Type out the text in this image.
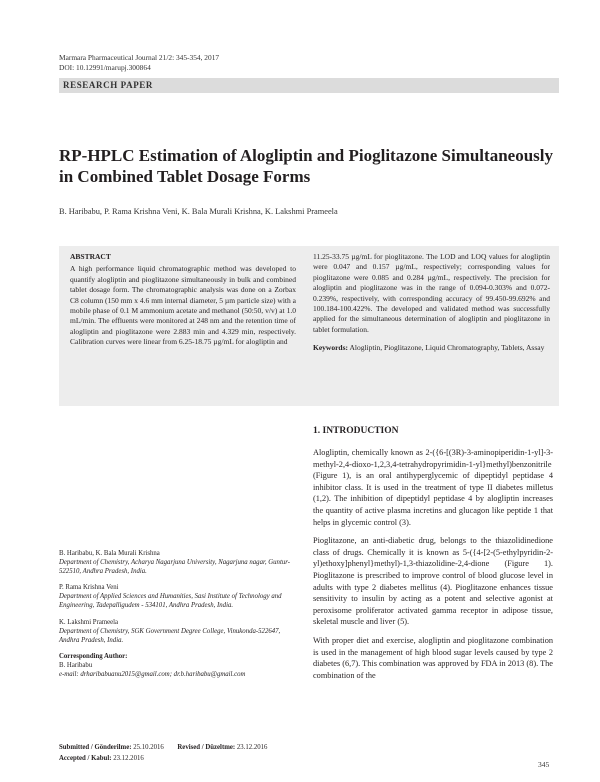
Marmara Pharmaceutical Journal 21/2: 345-354, 2017
DOI: 10.12991/marupj.300864
RESEARCH PAPER
RP-HPLC Estimation of Alogliptin and Pioglitazone Simultaneously in Combined Tablet Dosage Forms
B. Haribabu, P. Rama Krishna Veni, K. Bala Murali Krishna, K. Lakshmi Prameela
ABSTRACT
A high performance liquid chromatographic method was developed to quantify alogliptin and pioglitazone simultaneously in bulk and combined tablet dosage form. The chromatographic analysis was done on a Zorbax C8 column (150 mm x 4.6 mm internal diameter, 5 µm particle size) with a mobile phase of 0.1 M ammonium acetate and methanol (50:50, v/v) at 1.0 mL/min. The effluents were monitored at 248 nm and the retention time of alogliptin and pioglitazone were 2.883 min and 4.329 min, respectively. Calibration curves were linear from 6.25-18.75 µg/mL for alogliptin and
11.25-33.75 µg/mL for pioglitazone. The LOD and LOQ values for alogliptin were 0.047 and 0.157 µg/mL, respectively; corresponding values for pioglitazone were 0.085 and 0.284 µg/mL, respectively. The precision for alogliptin and pioglitazone was in the range of 0.094-0.303% and 0.072-0.239%, respectively, with corresponding accuracy of 99.450-99.692% and 100.184-100.422%. The developed and validated method was successfully applied for the simultaneous determination of alogliptin and pioglitazone in tablet formulation.
Keywords: Alogliptin, Pioglitazone, Liquid Chromatography, Tablets, Assay
1. INTRODUCTION

Alogliptin, chemically known as 2-({6-[(3R)-3-aminopiperidin-1-yl]-3-methyl-2,4-dioxo-1,2,3,4-tetrahydropyrimidin-1-yl}methyl)benzonitrile (Figure 1), is an oral antihyperglycemic of dipeptidyl peptidase 4 inhibitor class. It is used in the treatment of type II diabetes milletus (1,2). The inhibition of dipeptidyl peptidase 4 by alogliptin increases the quantity of active plasma incretins and glucagon like peptide 1 that helps in glycemic control (3).

Pioglitazone, an anti-diabetic drug, belongs to the thiazolidinedione class of drugs. Chemically it is known as 5-({4-[2-(5-ethylpyridin-2-yl)ethoxy]phenyl}methyl)-1,3-thiazolidine-2,4-dione (Figure 1). Pioglitazone is prescribed to improve control of blood glucose level in adults with type 2 diabetes mellitus (4). Pioglitazone enhances tissue sensitivity to insulin by acting as a potent and selective agonist at peroxisome proliferator activated gamma receptor in adipose tissue, skeletal muscle and liver (5).

With proper diet and exercise, alogliptin and pioglitazone combination is used in the management of high blood sugar levels caused by type 2 diabetes (6,7). This combination was approved by FDA in 2013 (8). The combination of the

B. Haribabu, K. Bala Murali Krishna
Department of Chemistry, Acharya Nagarjuna University, Nagarjuna nagar, Guntur-522510, Andhra Pradesh, India.
P. Rama Krishna Veni
Department of Applied Sciences and Humanities, Sasi Institute of Technology and Engineering, Tadepalligudem - 534101, Andhra Pradesh, India.
K. Lakshmi Prameela
Department of Chemistry, SGK Government Degree College, Vinukonda-522647, Andhra Pradesh, India.
Corresponding Author:
B. Haribabu
e-mail: drharibabuanu2015@gmail.com; dr.b.haribabu@gmail.com
Submitted / Gönderilme: 25.10.2016 Revised / Düzeltme: 23.12.2016
Accepted / Kabul: 23.12.2016
345
